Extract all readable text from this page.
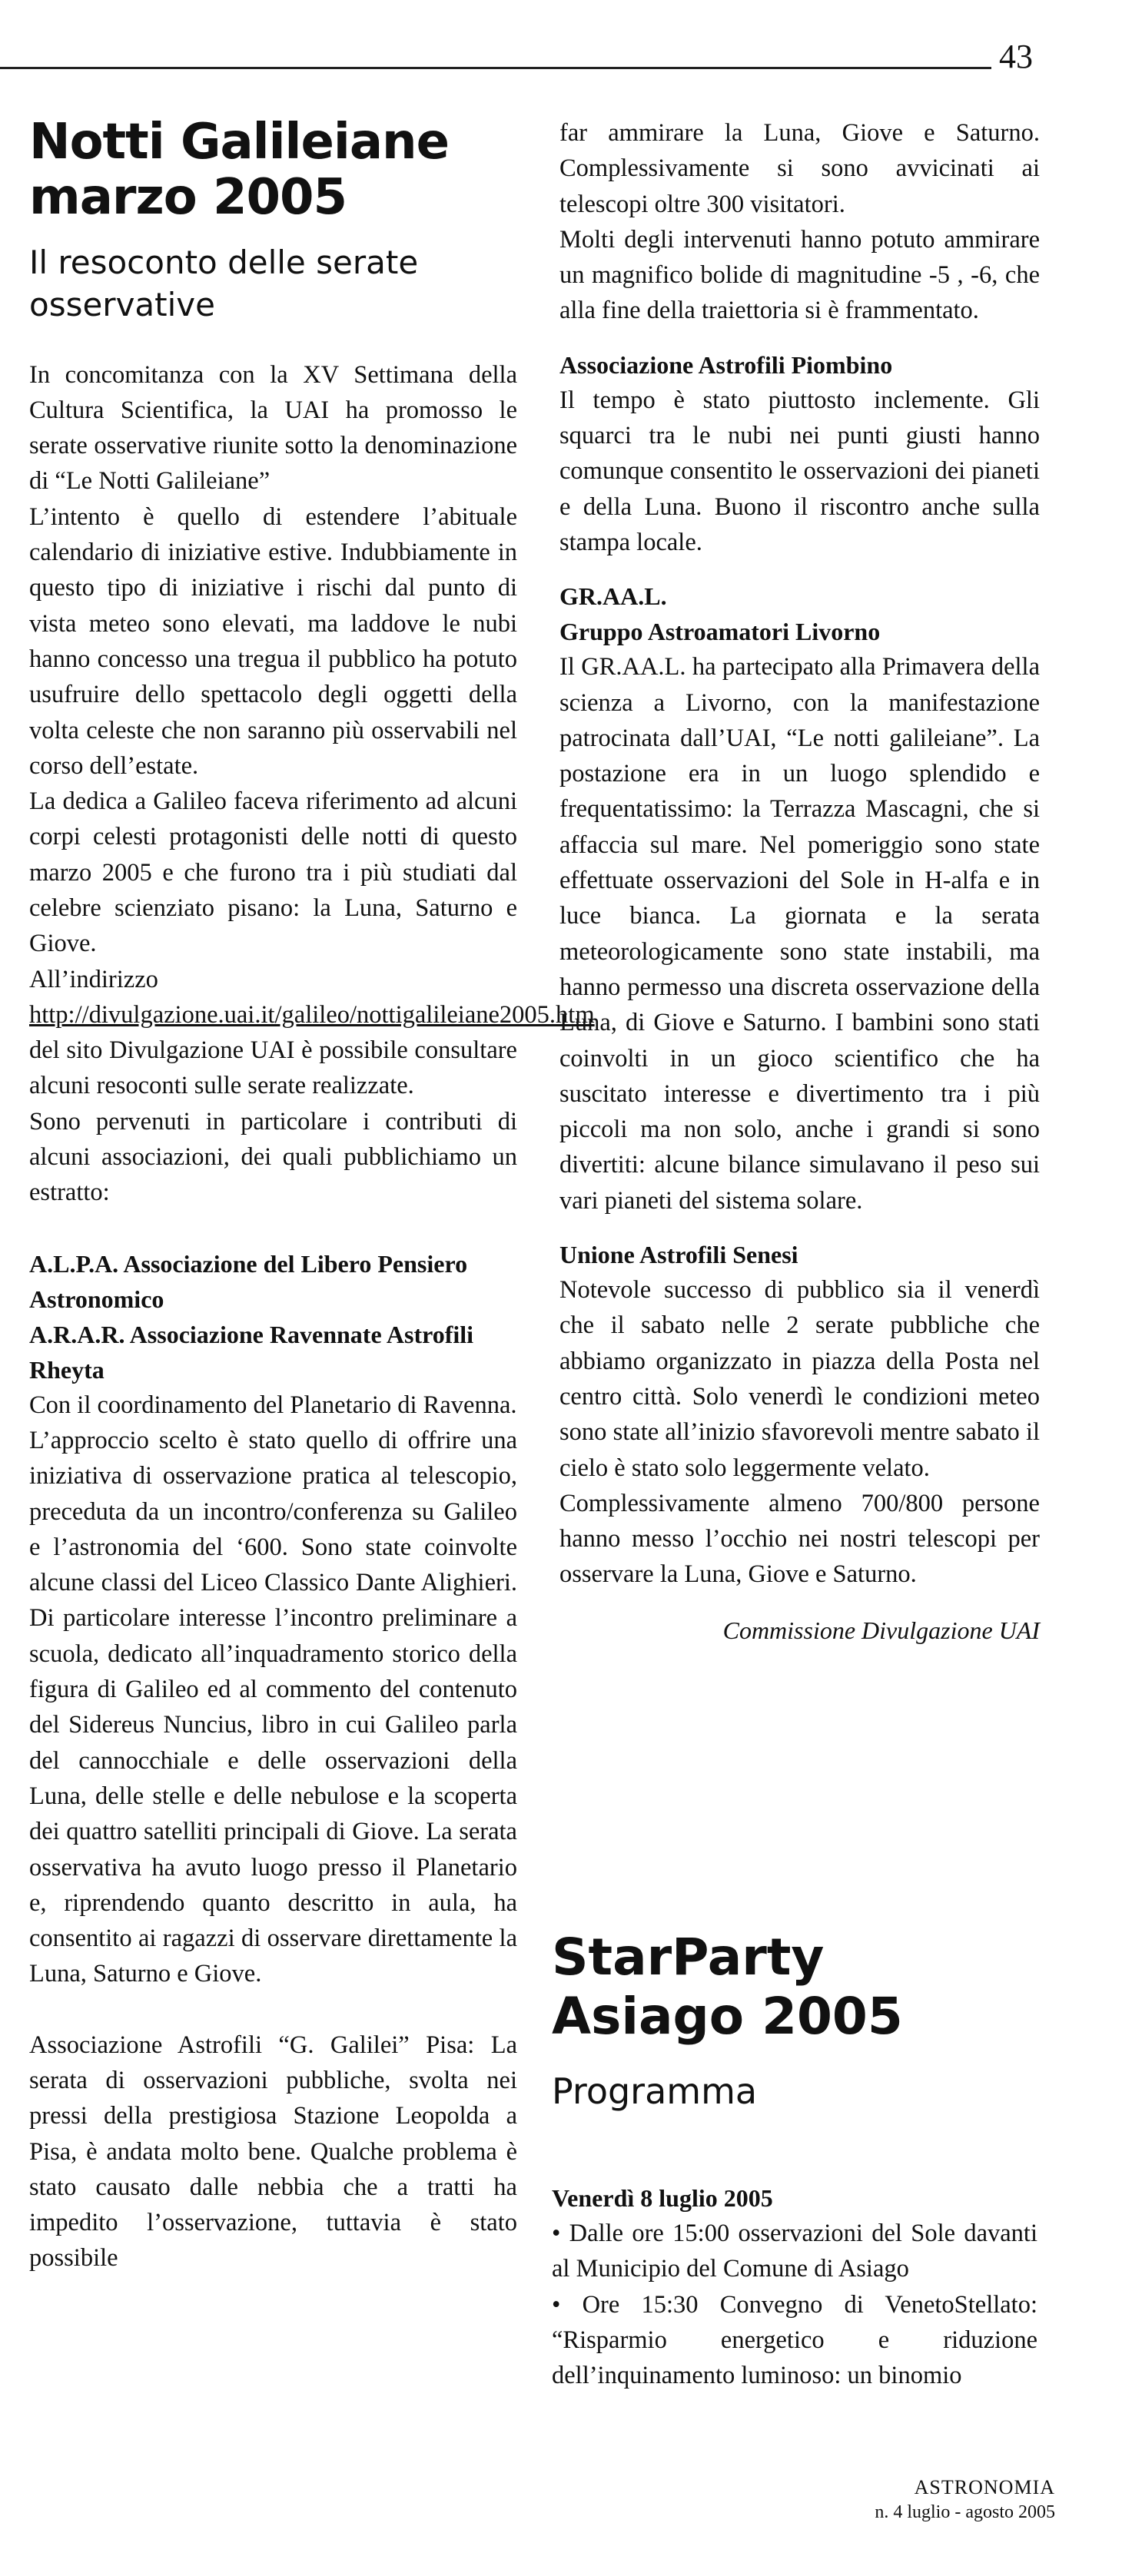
43
Notti Galileiane
marzo 2005
Il resoconto delle serate osservative

In concomitanza con la XV Settimana della Cultura Scientifica, la UAI ha promosso le serate osservative riunite sotto la denominazione di “Le Notti Galileiane”

L’intento è quello di estendere l’abituale calendario di iniziative estive. Indubbiamente in questo tipo di iniziative i rischi dal punto di vista meteo sono elevati, ma laddove le nubi hanno concesso una tregua il pubblico ha potuto usufruire dello spettacolo degli oggetti della volta celeste che non saranno più osservabili nel corso dell’estate.

La dedica a Galileo faceva riferimento ad alcuni corpi celesti protagonisti delle notti di questo marzo 2005 e che furono tra i più studiati dal celebre scienziato pisano: la Luna, Saturno e Giove.

All’indirizzo http://divulgazione.uai.it/galileo/nottigalileiane2005.htm del sito Divulgazione UAI è possibile consultare alcuni resoconti sulle serate realizzate.

Sono pervenuti in particolare i contributi di alcuni associazioni, dei quali pubblichiamo un estratto:

A.L.P.A. Associazione del Libero Pensiero Astronomico

A.R.A.R. Associazione Ravennate Astrofili Rheyta

Con il coordinamento del Planetario di Ravenna.

L’approccio scelto è stato quello di offrire una iniziativa di osservazione pratica al telescopio, preceduta da un incontro/conferenza su Galileo e l’astronomia del ‘600. Sono state coinvolte alcune classi del Liceo Classico Dante Alighieri. Di particolare interesse l’incontro preliminare a scuola, dedicato all’inquadramento storico della figura di Galileo ed al commento del contenuto del Sidereus Nuncius, libro in cui Galileo parla del cannocchiale e delle osservazioni della Luna, delle stelle e delle nebulose e la scoperta dei quattro satelliti principali di Giove. La serata osservativa ha avuto luogo presso il Planetario e, riprendendo quanto descritto in aula, ha consentito ai ragazzi di osservare direttamente la Luna, Saturno e Giove.

Associazione Astrofili “G. Galilei” Pisa: La serata di osservazioni pubbliche, svolta nei pressi della prestigiosa Stazione Leopolda a Pisa, è andata molto bene. Qualche problema è stato causato dalle nebbia che a tratti ha impedito l’osservazione, tuttavia è stato possibile

far ammirare la Luna, Giove e Saturno. Complessivamente si sono avvicinati ai telescopi oltre 300 visitatori.

Molti degli intervenuti hanno potuto ammirare un magnifico bolide di magnitudine -5 , -6, che alla fine della traiettoria si è frammentato.

Associazione Astrofili Piombino

Il tempo è stato piuttosto inclemente. Gli squarci tra le nubi nei punti giusti hanno comunque consentito le osservazioni dei pianeti e della Luna. Buono il riscontro anche sulla stampa locale.

GR.AA.L.

Gruppo Astroamatori Livorno

Il GR.AA.L. ha partecipato alla Primavera della scienza a Livorno, con la manifestazione patrocinata dall’UAI, “Le notti galileiane”. La postazione era in un luogo splendido e frequentatissimo: la Terrazza Mascagni, che si affaccia sul mare. Nel pomeriggio sono state effettuate osservazioni del Sole in H-alfa e in luce bianca. La giornata e la serata meteorologicamente sono state instabili, ma hanno permesso una discreta osservazione della Luna, di Giove e Saturno. I bambini sono stati coinvolti in un gioco scientifico che ha suscitato interesse e divertimento tra i più piccoli ma non solo, anche i grandi si sono divertiti: alcune bilance simulavano il peso sui vari pianeti del sistema solare.

Unione Astrofili Senesi

Notevole successo di pubblico sia il venerdì che il sabato nelle 2 serate pubbliche che abbiamo organizzato in piazza della Posta nel centro città. Solo venerdì le condizioni meteo sono state all’inizio sfavorevoli mentre sabato il cielo è stato solo leggermente velato.

Complessivamente almeno 700/800 persone hanno messo l’occhio nei nostri telescopi per osservare la Luna, Giove e Saturno.

Commissione Divulgazione UAI

StarParty
Asiago 2005
Programma

Venerdì 8 luglio 2005

• Dalle ore 15:00 osservazioni del Sole davanti al Municipio del Comune di Asiago

• Ore 15:30 Convegno di VenetoStellato: “Risparmio energetico e riduzione dell’inquinamento luminoso: un binomio

ASTRONOMIA
n. 4 luglio - agosto 2005
